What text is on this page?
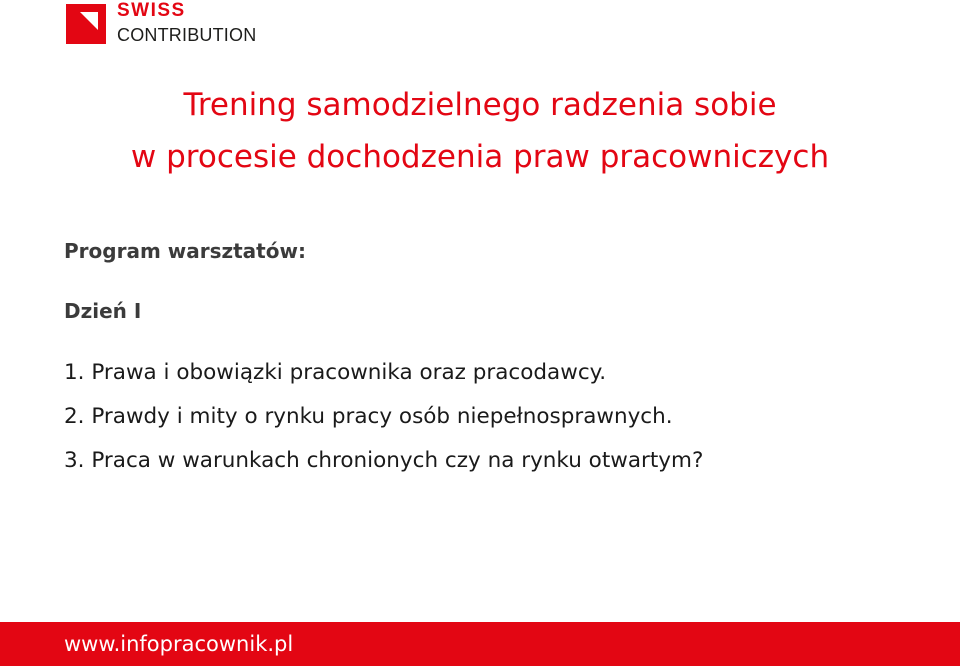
SWISS
CONTRIBUTION
Trening samodzielnego radzenia sobie
w procesie dochodzenia praw pracowniczych
Program warsztatów:
Dzień I
1. Prawa i obowiązki pracownika oraz pracodawcy.
2. Prawdy i mity o rynku pracy osób niepełnosprawnych.
3. Praca w warunkach chronionych czy na rynku otwartym?
www.infopracownik.pl
